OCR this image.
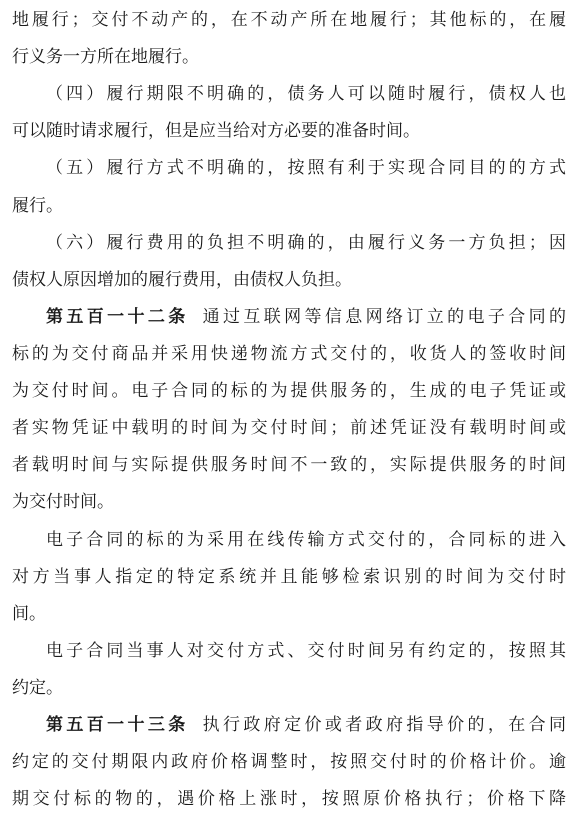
地履行；交付不动产的，在不动产所在地履行；其他标的，在履
行义务一方所在地履行。
（四）履行期限不明确的，债务人可以随时履行，债权人也
可以随时请求履行，但是应当给对方必要的准备时间。
（五）履行方式不明确的，按照有利于实现合同目的的方式
履行。
（六）履行费用的负担不明确的，由履行义务一方负担；因
债权人原因增加的履行费用，由债权人负担。
第五百一十二条 通过互联网等信息网络订立的电子合同的
标的为交付商品并采用快递物流方式交付的，收货人的签收时间
为交付时间。电子合同的标的为提供服务的，生成的电子凭证或
者实物凭证中载明的时间为交付时间；前述凭证没有载明时间或
者载明时间与实际提供服务时间不一致的，实际提供服务的时间
为交付时间。
电子合同的标的为采用在线传输方式交付的，合同标的进入
对方当事人指定的特定系统并且能够检索识别的时间为交付时
间。
电子合同当事人对交付方式、交付时间另有约定的，按照其
约定。
第五百一十三条 执行政府定价或者政府指导价的，在合同
约定的交付期限内政府价格调整时，按照交付时的价格计价。逾
期交付标的物的，遇价格上涨时，按照原价格执行；价格下降
